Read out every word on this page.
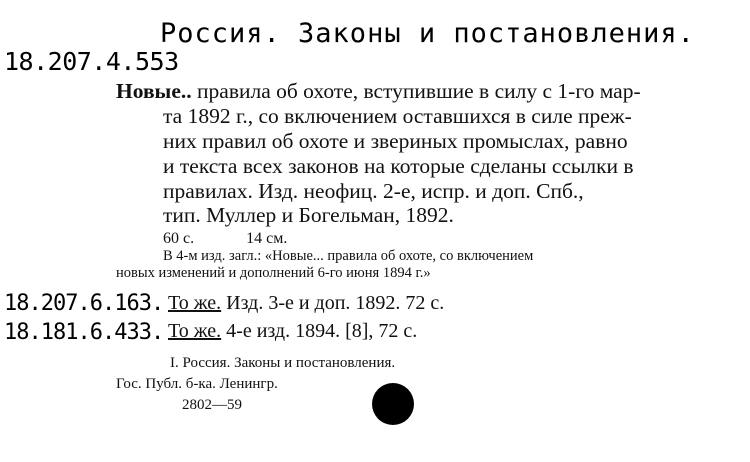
Россия. Законы и постановления.
18.207.4.553
Новые.. правила об охоте, вступившие в силу с 1-го мар-
та 1892 г., со включением оставшихся в силе преж-
них правил об охоте и звериных промыслах, равно
и текста всех законов на которые сделаны ссылки в
правилах. Изд. неофиц. 2-е, испр. и доп. Спб.,
тип. Муллер и Богельман, 1892.
60 с.	14 см.
В 4-м изд. загл.: «Новые... правила об охоте, со включением
новых изменений и дополнений 6-го июня 1894 г.»
18.207.6.163. То же. Изд. 3-е и доп. 1892. 72 с.
18.181.6.433. То же. 4-е изд. 1894. [8], 72 с.
I. Россия. Законы и постановления.
Гос. Публ. б-ка. Ленингр.
2802—59
